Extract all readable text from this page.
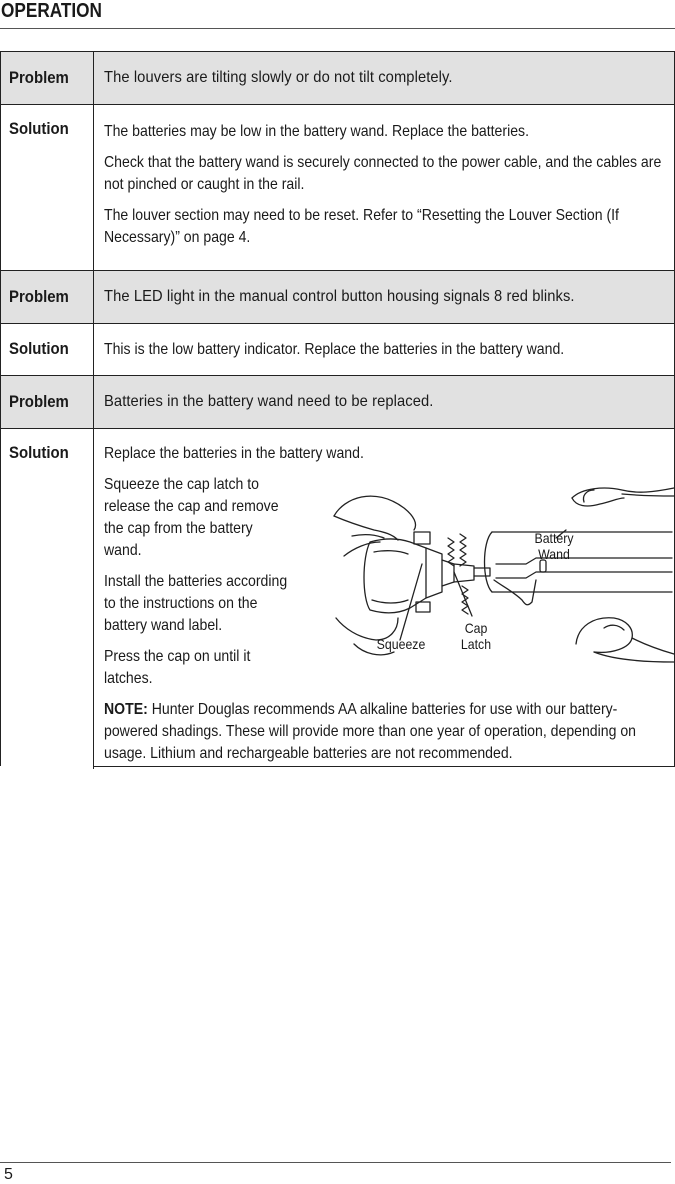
OPERATION
Problem The louvers are tilting slowly or do not tilt completely.
Solution The batteries may be low in the battery wand. Replace the batteries.

Check that the battery wand is securely connected to the power cable, and the cables are not pinched or caught in the rail.

The louver section may need to be reset. Refer to “Resetting the Louver Section (If Necessary)” on page 4.

Problem The LED light in the manual control button housing signals 8 red blinks.
Solution This is the low battery indicator. Replace the batteries in the battery wand.

Problem Batteries in the battery wand need to be replaced.
Solution Replace the batteries in the battery wand.

Squeeze the cap latch to release the cap and remove the cap from the battery wand.

Install the batteries according to the instructions on the battery wand label.

Press the cap on until it latches.

NOTE: Hunter Douglas recommends AA alkaline batteries for use with our battery-powered shadings. These will provide more than one year of operation, depending on usage. Lithium and rechargeable batteries are not recommended.

Battery Wand
Squeeze
Cap Latch
5
